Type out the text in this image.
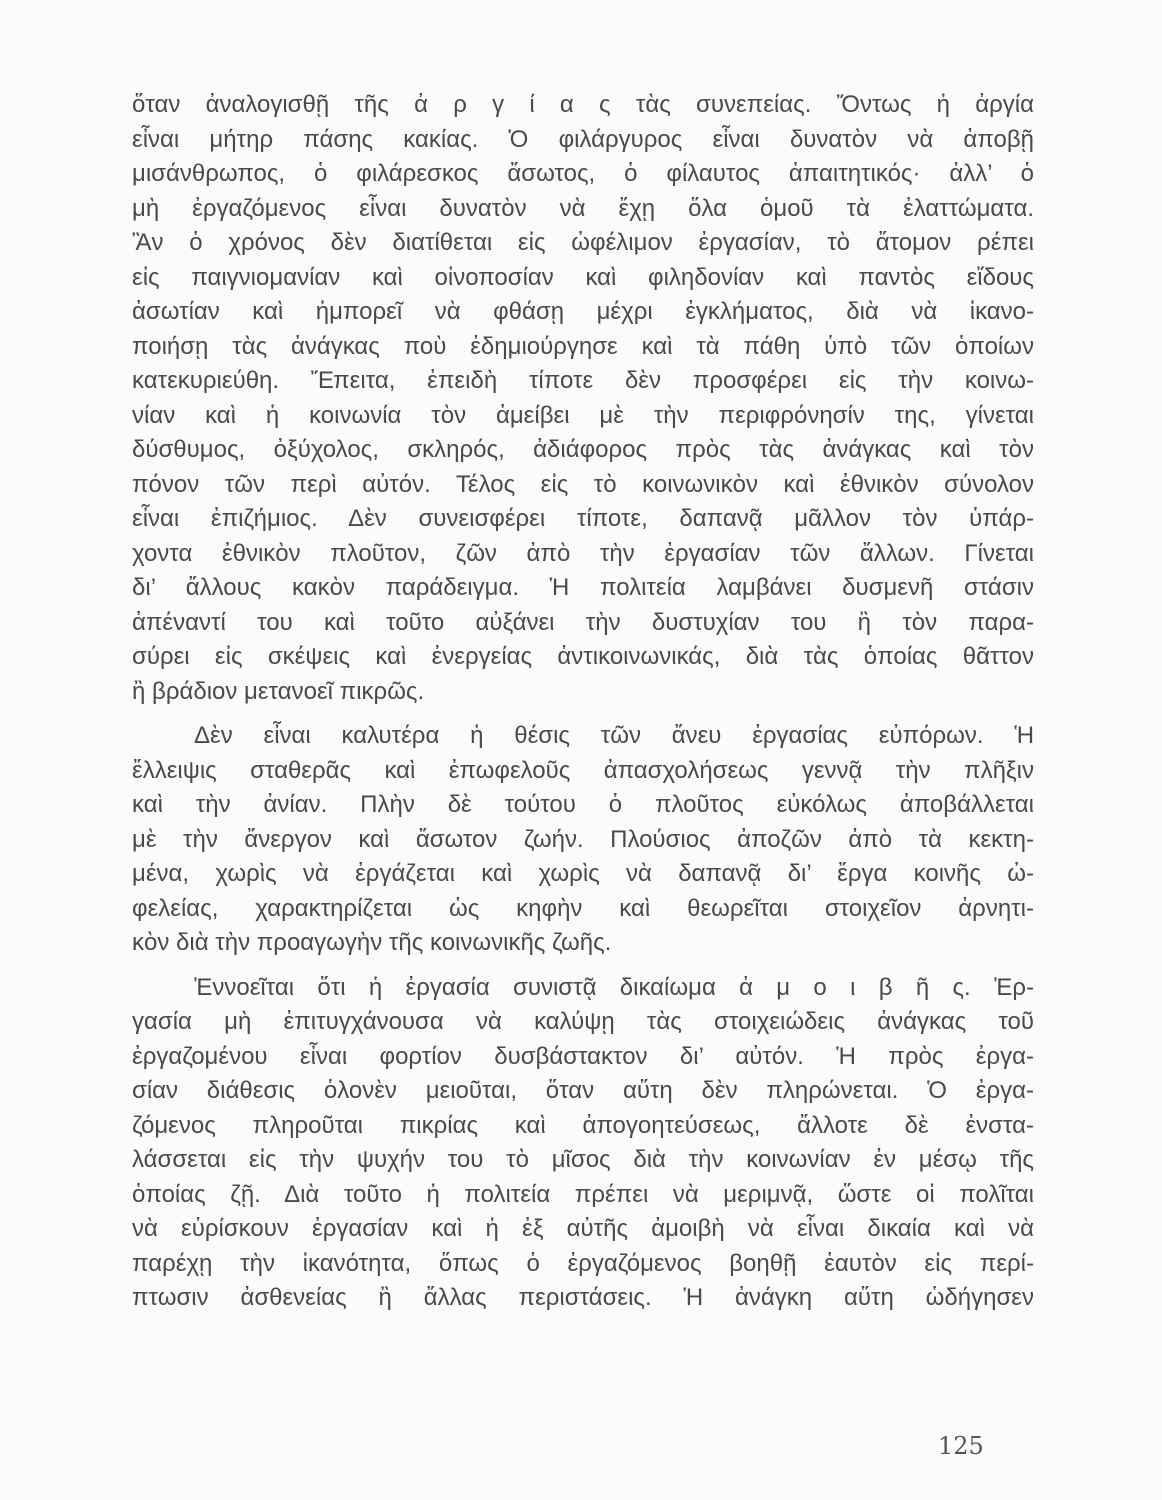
ὅταν ἀναλογισθῇ τῆς ἀ ρ γ ί α ς τὰς συνεπείας. Ὄντως ἡ ἀργία
εἶναι μήτηρ πάσης κακίας. Ὁ φιλάργυρος εἶναι δυνατὸν νὰ ἀποβῇ
μισάνθρωπος, ὁ φιλάρεσκος ἄσωτος, ὁ φίλαυτος ἀπαιτητικός· ἀλλ’ ὁ
μὴ ἐργαζόμενος εἶναι δυνατὸν νὰ ἔχῃ ὅλα ὁμοῦ τὰ ἐλαττώματα.
Ἂν ὁ χρόνος δὲν διατίθεται εἰς ὠφέλιμον ἐργασίαν, τὸ ἄτομον ρέπει
εἰς παιγνιομανίαν καὶ οἰνοποσίαν καὶ φιληδονίαν καὶ παντὸς εἴδους
ἀσωτίαν καὶ ἠμπορεῖ νὰ φθάσῃ μέχρι ἐγκλήματος, διὰ νὰ ἱκανο-
ποιήσῃ τὰς ἀνάγκας ποὺ ἐδημιούργησε καὶ τὰ πάθη ὑπὸ τῶν ὁποίων
κατεκυριεύθη. Ἔπειτα, ἐπειδὴ τίποτε δὲν προσφέρει εἰς τὴν κοινω-
νίαν καὶ ἡ κοινωνία τὸν ἀμείβει μὲ τὴν περιφρόνησίν της, γίνεται
δύσθυμος, ὀξύχολος, σκληρός, ἀδιάφορος πρὸς τὰς ἀνάγκας καὶ τὸν
πόνον τῶν περὶ αὐτόν. Τέλος εἰς τὸ κοινωνικὸν καὶ ἐθνικὸν σύνολον
εἶναι ἐπιζήμιος. Δὲν συνεισφέρει τίποτε, δαπανᾷ μᾶλλον τὸν ὑπάρ-
χοντα ἐθνικὸν πλοῦτον, ζῶν ἀπὸ τὴν ἐργασίαν τῶν ἄλλων. Γίνεται
δι’ ἄλλους κακὸν παράδειγμα. Ἡ πολιτεία λαμβάνει δυσμενῆ στάσιν
ἀπέναντί του καὶ τοῦτο αὐξάνει τὴν δυστυχίαν του ἢ τὸν παρα-
σύρει εἰς σκέψεις καὶ ἐνεργείας ἀντικοινωνικάς, διὰ τὰς ὁποίας θᾶττον
ἢ βράδιον μετανοεῖ πικρῶς.
Δὲν εἶναι καλυτέρα ἡ θέσις τῶν ἄνευ ἐργασίας εὐπόρων. Ἡ
ἔλλειψις σταθερᾶς καὶ ἐπωφελοῦς ἀπασχολήσεως γεννᾷ τὴν πλῆξιν
καὶ τὴν ἀνίαν. Πλὴν δὲ τούτου ὁ πλοῦτος εὐκόλως ἀποβάλλεται
μὲ τὴν ἄνεργον καὶ ἄσωτον ζωήν. Πλούσιος ἀποζῶν ἀπὸ τὰ κεκτη-
μένα, χωρὶς νὰ ἐργάζεται καὶ χωρὶς νὰ δαπανᾷ δι’ ἔργα κοινῆς ὠ-
φελείας, χαρακτηρίζεται ὡς κηφὴν καὶ θεωρεῖται στοιχεῖον ἀρνητι-
κὸν διὰ τὴν προαγωγὴν τῆς κοινωνικῆς ζωῆς.
Ἐννοεῖται ὅτι ἡ ἐργασία συνιστᾷ δικαίωμα ἀ μ ο ι β ῆ ς. Ἐρ-
γασία μὴ ἐπιτυγχάνουσα νὰ καλύψῃ τὰς στοιχειώδεις ἀνάγκας τοῦ
ἐργαζομένου εἶναι φορτίον δυσβάστακτον δι’ αὐτόν. Ἡ πρὸς ἐργα-
σίαν διάθεσις ὁλονὲν μειοῦται, ὅταν αὕτη δὲν πληρώνεται. Ὁ ἐργα-
ζόμενος πληροῦται πικρίας καὶ ἀπογοητεύσεως, ἄλλοτε δὲ ἐνστα-
λάσσεται εἰς τὴν ψυχήν του τὸ μῖσος διὰ τὴν κοινωνίαν ἐν μέσῳ τῆς
ὁποίας ζῇ. Διὰ τοῦτο ἡ πολιτεία πρέπει νὰ μεριμνᾷ, ὥστε οἱ πολῖται
νὰ εὑρίσκουν ἐργασίαν καὶ ἡ ἐξ αὐτῆς ἀμοιβὴ νὰ εἶναι δικαία καὶ νὰ
παρέχῃ τὴν ἱκανότητα, ὅπως ὁ ἐργαζόμενος βοηθῇ ἑαυτὸν εἰς περί-
πτωσιν ἀσθενείας ἢ ἄλλας περιστάσεις. Ἡ ἀνάγκη αὕτη ὡδήγησεν
125
